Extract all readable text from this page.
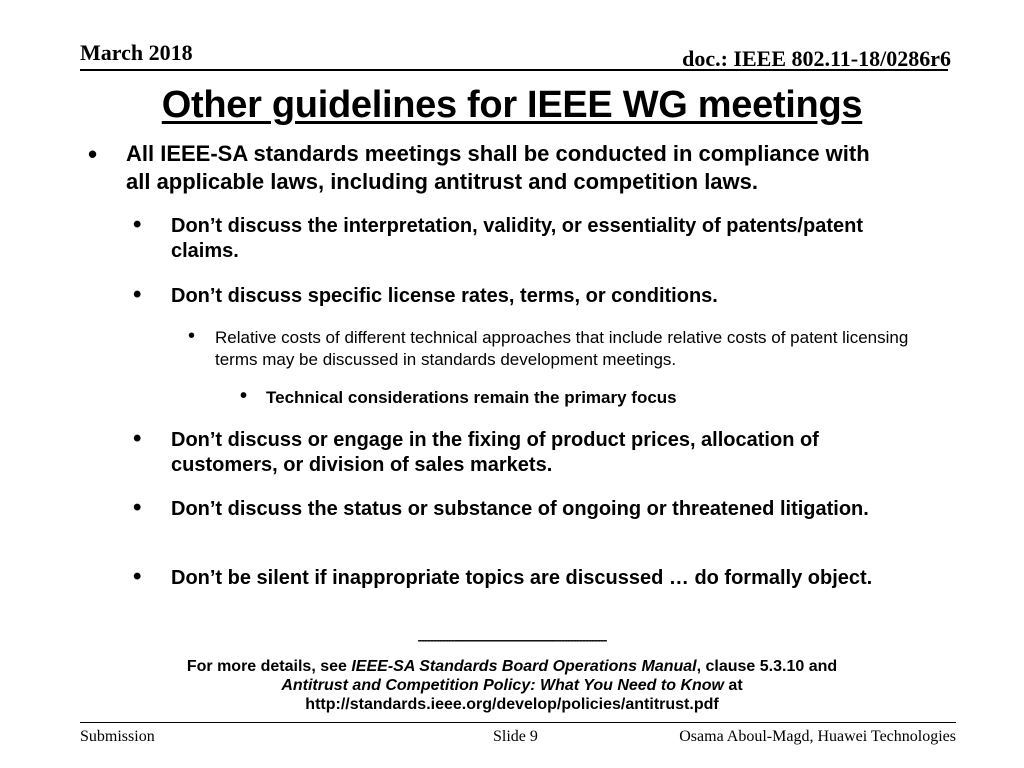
March 2018	doc.: IEEE 802.11-18/0286r6
Other guidelines for IEEE WG meetings
•	All IEEE-SA standards meetings shall be conducted in compliance with all applicable laws, including antitrust and competition laws.
•	Don’t discuss the interpretation, validity, or essentiality of patents/patent claims.
•	Don’t discuss specific license rates, terms, or conditions.
•	Relative costs of different technical approaches that include relative costs of patent licensing terms may be discussed in standards development meetings.
•	Technical considerations remain the primary focus
•	Don’t discuss or engage in the fixing of product prices, allocation of customers, or division of sales markets.
•	Don’t discuss the status or substance of ongoing or threatened litigation.
•	Don’t be silent if inappropriate topics are discussed … do formally object.
---------------------------------------------------------------
For more details, see IEEE-SA Standards Board Operations Manual, clause 5.3.10 and
Antitrust and Competition Policy: What You Need to Know at
http://standards.ieee.org/develop/policies/antitrust.pdf
Submission	Slide 9	Osama Aboul-Magd, Huawei Technologies
